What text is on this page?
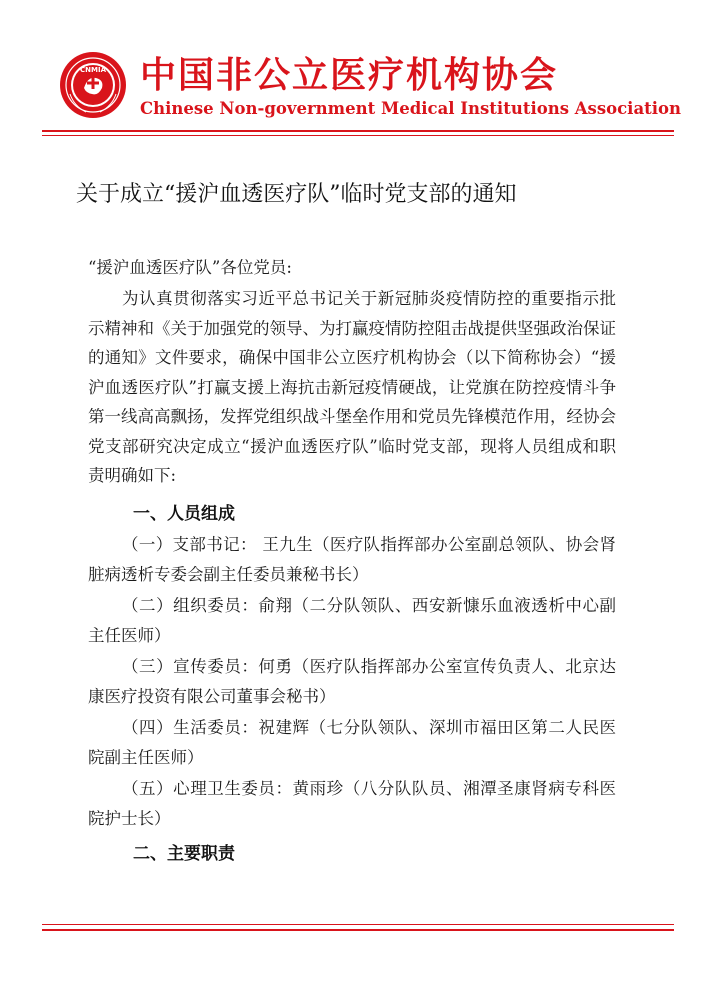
CNMIA 中国非公立医疗机构协会
Chinese Non-government Medical Institutions Association
关于成立“援沪血透医疗队”临时党支部的通知
“援沪血透医疗队”各位党员:
为认真贯彻落实习近平总书记关于新冠肺炎疫情防控的重要指示批示精神和《关于加强党的领导、为打赢疫情防控阻击战提供坚强政治保证的通知》文件要求，确保中国非公立医疗机构协会（以下简称协会）“援沪血透医疗队”打赢支援上海抗击新冠疫情硬战，让党旗在防控疫情斗争第一线高高飘扬，发挥党组织战斗堡垒作用和党员先锋模范作用，经协会党支部研究决定成立“援沪血透医疗队”临时党支部，现将人员组成和职责明确如下:
一、人员组成
（一）支部书记： 王九生（医疗队指挥部办公室副总领队、协会肾脏病透析专委会副主任委员兼秘书长）
（二）组织委员：俞翔（二分队领队、西安新慷乐血液透析中心副主任医师）
（三）宣传委员：何勇（医疗队指挥部办公室宣传负责人、北京达康医疗投资有限公司董事会秘书）
（四）生活委员：祝建辉（七分队领队、深圳市福田区第二人民医院副主任医师）
（五）心理卫生委员：黄雨珍（八分队队员、湘潭圣康肾病专科医院护士长）
二、主要职责
